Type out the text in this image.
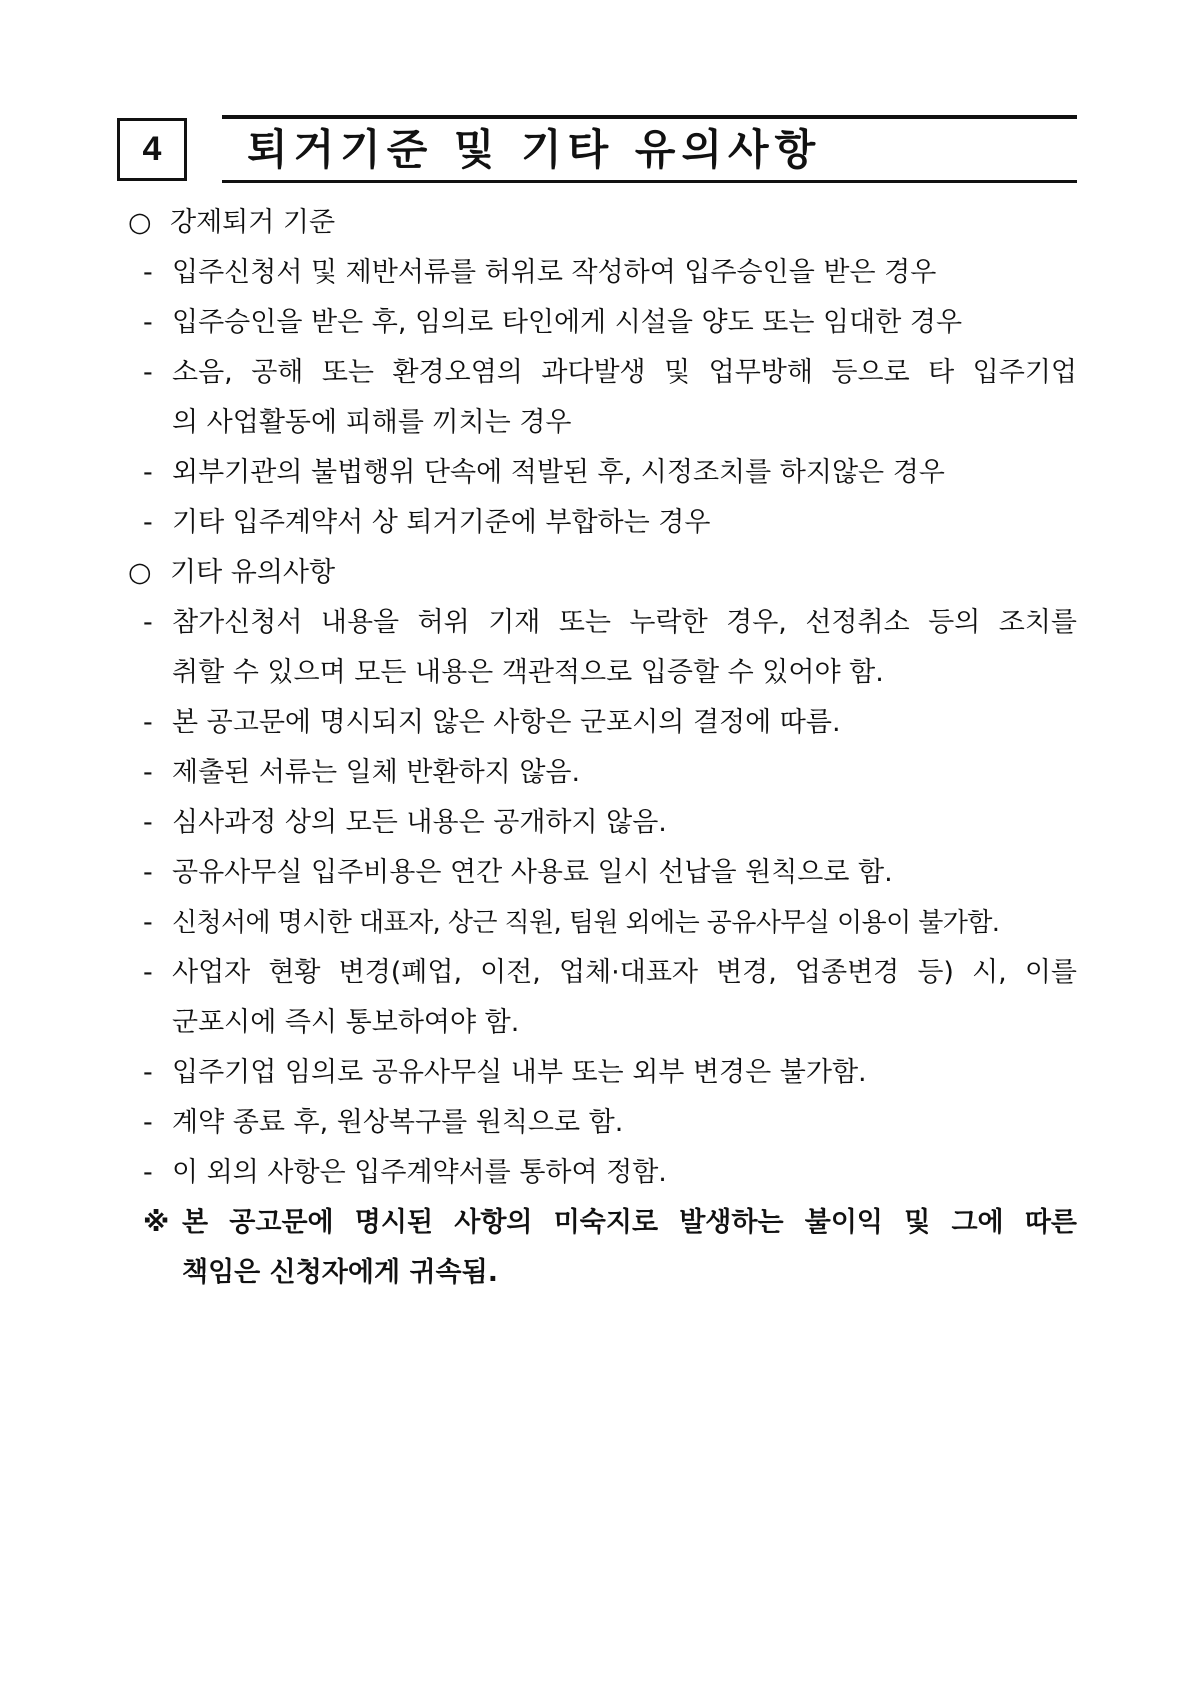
4	퇴거기준 및 기타 유의사항
○ 강제퇴거 기준
- 입주신청서 및 제반서류를 허위로 작성하여 입주승인을 받은 경우
- 입주승인을 받은 후, 임의로 타인에게 시설을 양도 또는 임대한 경우
- 소음, 공해 또는 환경오염의 과다발생 및 업무방해 등으로 타 입주기업
의 사업활동에 피해를 끼치는 경우
- 외부기관의 불법행위 단속에 적발된 후, 시정조치를 하지않은 경우
- 기타 입주계약서 상 퇴거기준에 부합하는 경우
○ 기타 유의사항
- 참가신청서 내용을 허위 기재 또는 누락한 경우, 선정취소 등의 조치를
취할 수 있으며 모든 내용은 객관적으로 입증할 수 있어야 함.
- 본 공고문에 명시되지 않은 사항은 군포시의 결정에 따름.
- 제출된 서류는 일체 반환하지 않음.
- 심사과정 상의 모든 내용은 공개하지 않음.
- 공유사무실 입주비용은 연간 사용료 일시 선납을 원칙으로 함.
- 신청서에 명시한 대표자, 상근 직원, 팀원 외에는 공유사무실 이용이 불가함.
- 사업자 현황 변경(폐업, 이전, 업체·대표자 변경, 업종변경 등) 시, 이를
군포시에 즉시 통보하여야 함.
- 입주기업 임의로 공유사무실 내부 또는 외부 변경은 불가함.
- 계약 종료 후, 원상복구를 원칙으로 함.
- 이 외의 사항은 입주계약서를 통하여 정함.
※ 본 공고문에 명시된 사항의 미숙지로 발생하는 불이익 및 그에 따른
책임은 신청자에게 귀속됨.
